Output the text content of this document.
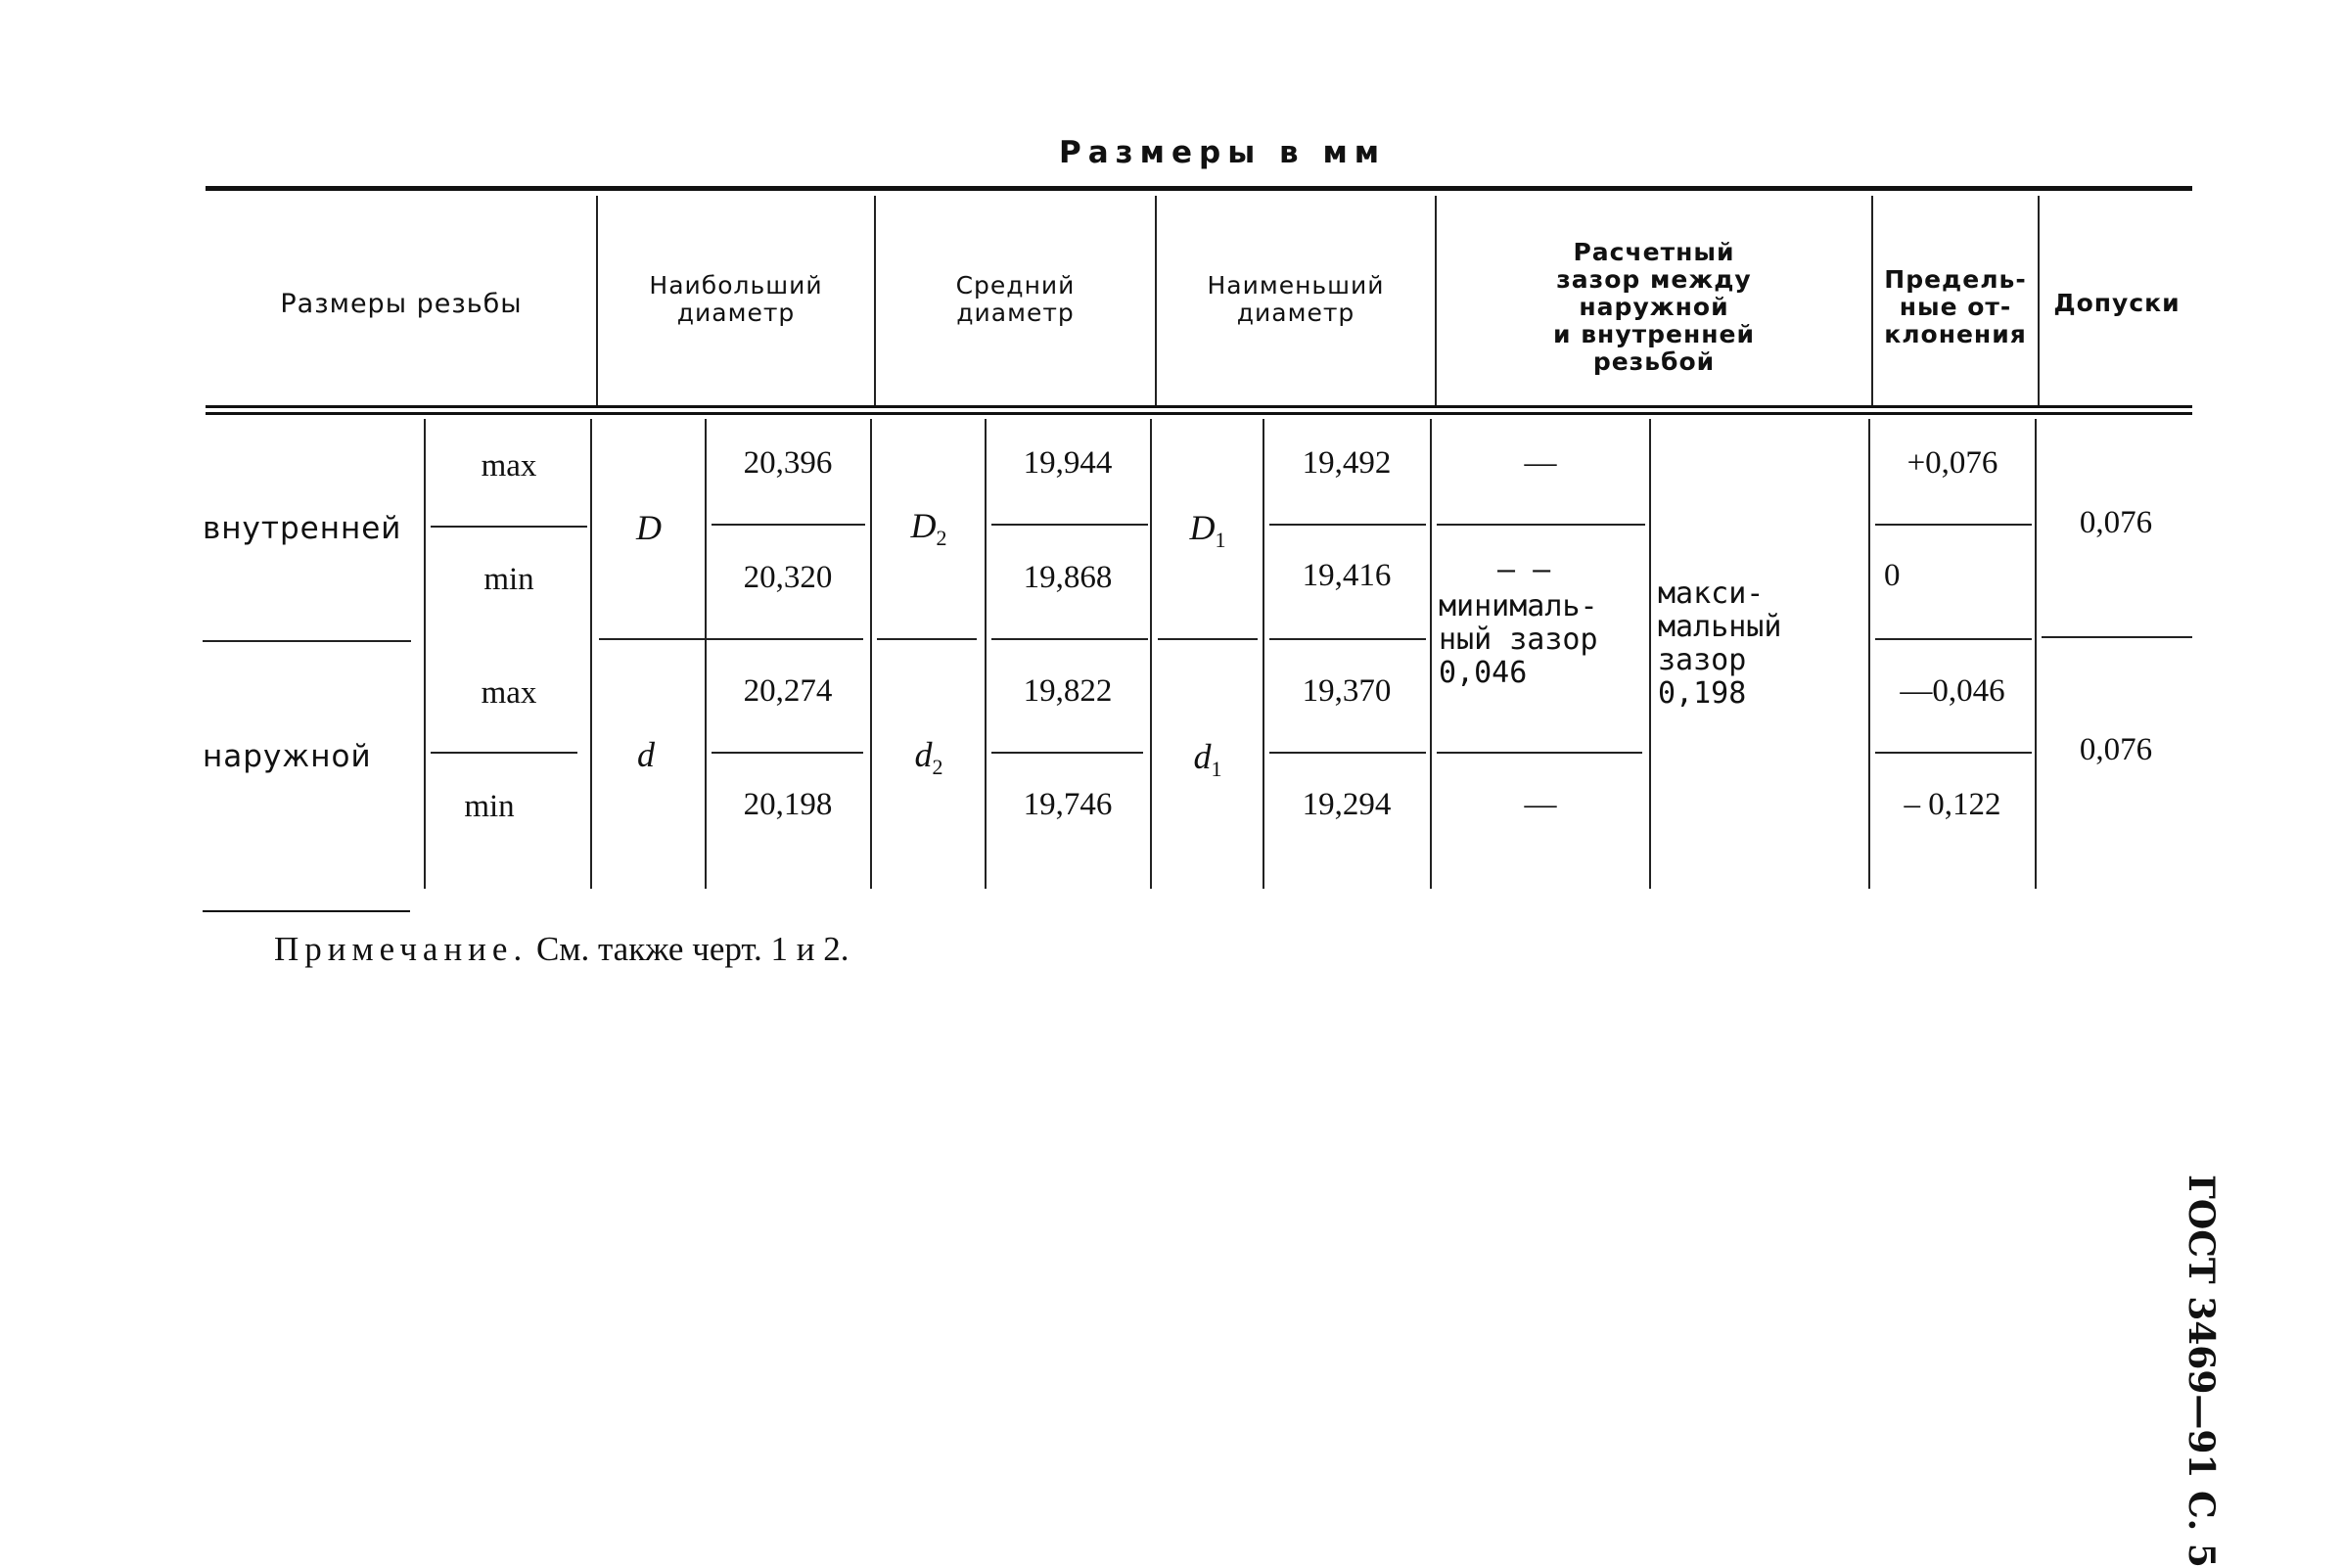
Размеры в мм
Размеры резьбы
Наибольший
диаметр
Средний
диаметр
Наименьший
диаметр
Расчетный
зазор между
наружной
и внутренней
резьбой
Предель-
ные от-
клонения
Допуски
внутренней
max
min
D
20,396
20,320
$D_2$
19,944
19,868
$D_1$
19,492
19,416
—	+0,076
0
0,076
— —
минималь-
ный зазор
0,046
макси-
мальный
зазор
0,198
наружной
max
min
d
20,274
20,198
$d_2$
19,822
19,746
$d_1$
19,370
19,294	—
—0,046
– 0,122
0,076
Примечание. См. также черт. 1 и 2.
ГОСТ 3469—91 С. 5
